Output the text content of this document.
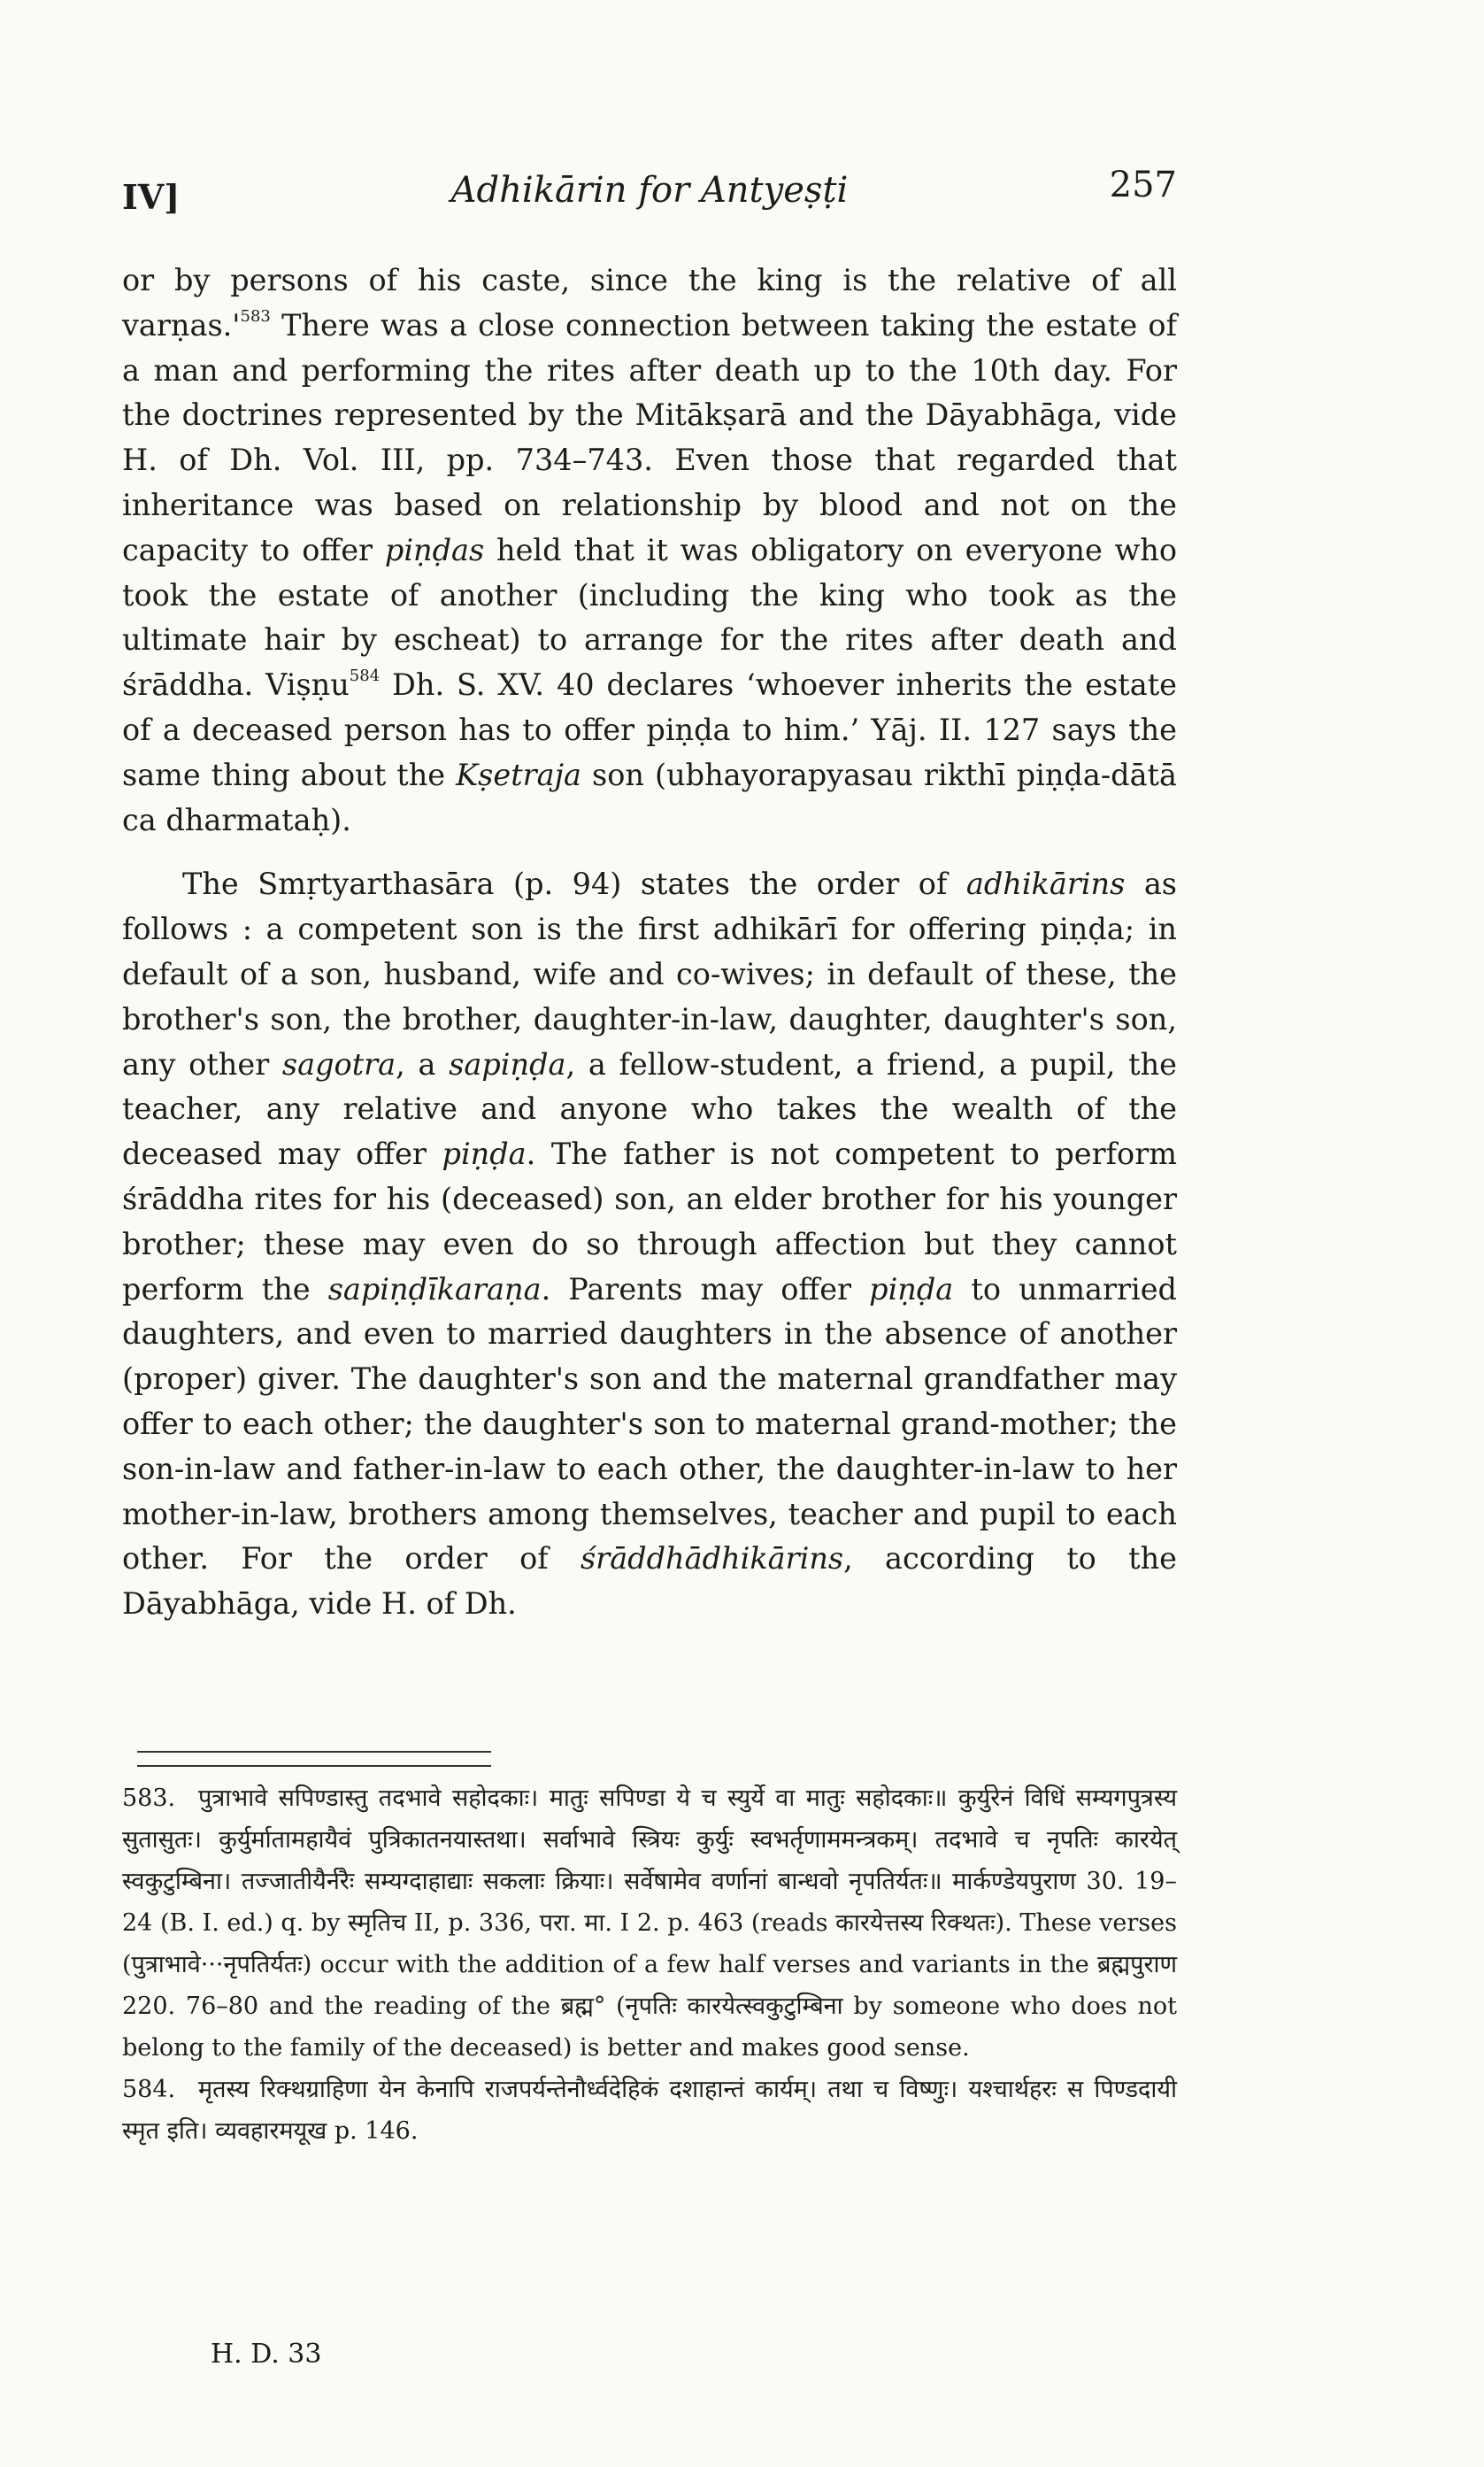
IV]	Adhikārin for Antyeṣṭi	257

or by persons of his caste, since the king is the relative of all $varṇas.'^{583}$ There was a close connection between taking the estate of a man and performing the rites after death up to the 10th day. For the doctrines represented by the Mitākṣarā and the Dāyabhāga, vide H. of Dh. Vol. III, pp. 734–743. Even those that regarded that inheritance was based on relationship by blood and not on the capacity to offer piṇḍas held that it was obligatory on everyone who took the estate of another (including the king who took as the ultimate hair by escheat) to arrange for the rites after death and śrāddha. Viṣṇu$^{584}$ Dh. S. XV. 40 declares ‘whoever inherits the estate of a deceased person has to offer piṇḍa to him.’ Yāj. II. 127 says the same thing about the Kṣetraja son (ubhayorapyasau rikthī piṇḍa-dātā ca dharmataḥ).

The Smṛtyarthasāra (p. 94) states the order of adhikārins as follows : a competent son is the first adhikārī for offering piṇḍa; in default of a son, husband, wife and co-wives; in default of these, the brother's son, the brother, daughter-in-law, daughter, daughter's son, any other sagotra, a sapiṇḍa, a fellow-student, a friend, a pupil, the teacher, any relative and anyone who takes the wealth of the deceased may offer piṇḍa. The father is not competent to perform śrāddha rites for his (deceased) son, an elder brother for his younger brother; these may even do so through affection but they cannot perform the sapiṇḍīkaraṇa. Parents may offer piṇḍa to unmarried daughters, and even to married daughters in the absence of another (proper) giver. The daughter's son and the maternal grandfather may offer to each other; the daughter's son to maternal grand-mother; the son-in-law and father-in-law to each other, the daughter-in-law to her mother-in-law, brothers among themselves, teacher and pupil to each other. For the order of śrāddhādhikārins, according to the Dāyabhāga, vide H. of Dh.

583. पुत्राभावे सपिण्डास्तु तदभावे सहोदकाः। मातुः सपिण्डा ये च स्युर्ये वा मातुः सहोदकाः॥ कुर्युरेनं विधिं सम्यगपुत्रस्य सुतासुतः। कुर्युर्मातामहायैवं पुत्रिकातनयास्तथा। सर्वाभावे स्त्रियः कुर्युः स्वभर्तृणाममन्त्रकम्। तदभावे च नृपतिः कारयेत् स्वकुटुम्बिना। तज्जातीयैर्नरैः सम्यग्दाहाद्याः सकलाः क्रियाः। सर्वेषामेव वर्णानां बान्धवो नृपतिर्यतः॥ मार्कण्डेयपुराण 30. 19–24 (B. I. ed.) q. by स्मृतिच II, p. 336, परा. मा. I 2. p. 463 (reads कारयेत्तस्य रिक्थतः). These verses (पुत्राभावे···नृपतिर्यतः) occur with the addition of a few half verses and variants in the ब्रह्मपुराण 220. 76–80 and the reading of the ब्रह्म° (नृपतिः कारयेत्स्वकुटुम्बिना by someone who does not belong to the family of the deceased) is better and makes good sense.

584. मृतस्य रिक्थग्राहिणा येन केनापि राजपर्यन्तेनौर्ध्वदेहिकं दशाहान्तं कार्यम्। तथा च विष्णुः। यश्चार्थहरः स पिण्डदायी स्मृत इति। व्यवहारमयूख p. 146.

H. D. 33
